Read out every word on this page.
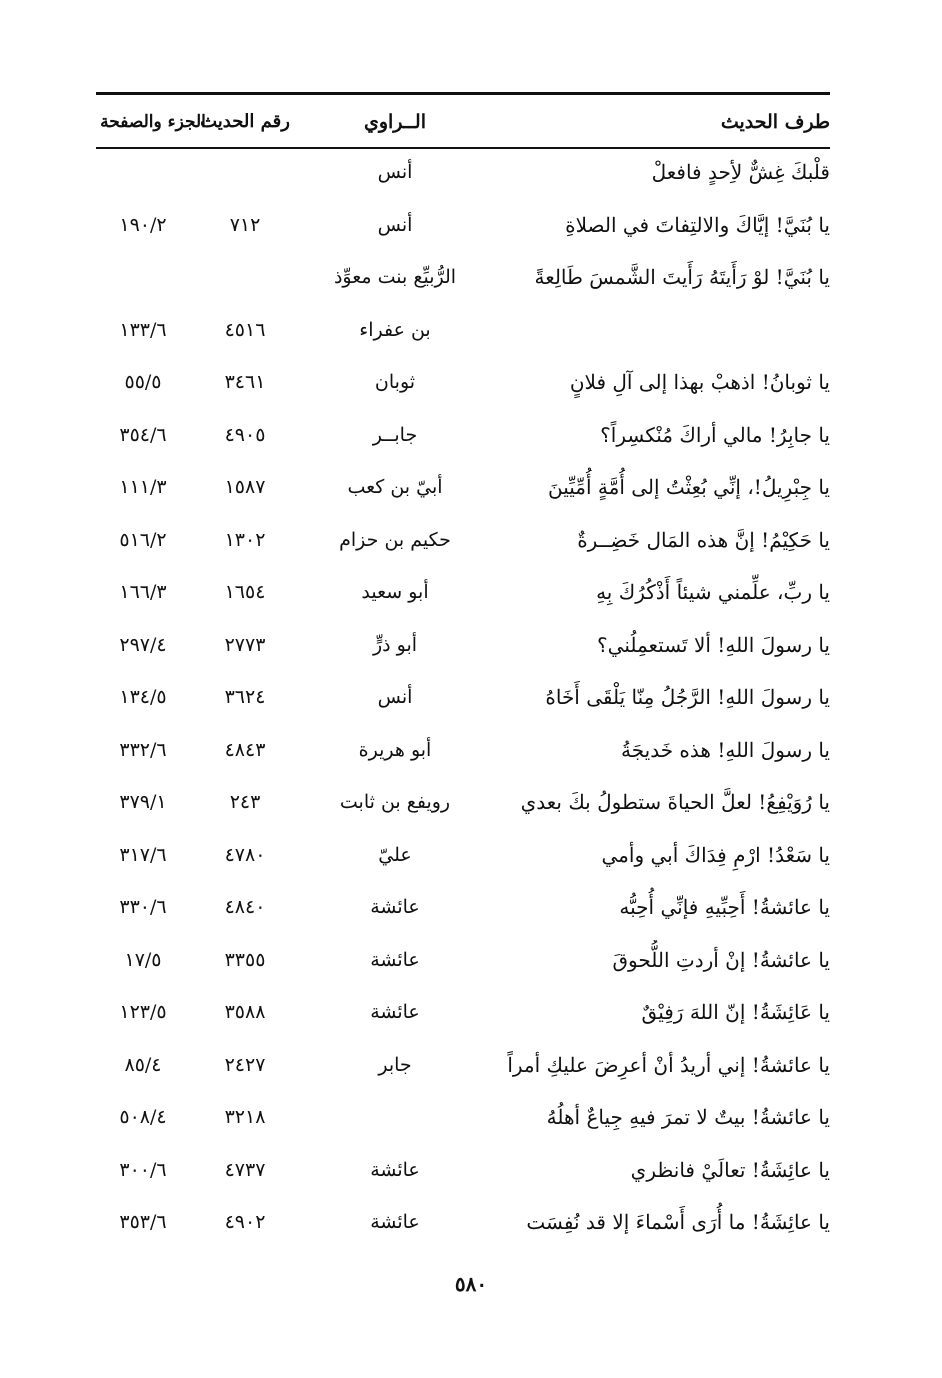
طرف الحديث
الــراوي
رقم الحديث
الجزء والصفحة
قلْبكَ غِشٌّ لأِحدٍ فافعلْ
أنس
يا بُنَيَّ! إيَّاكَ والالتِفاتَ في الصلاةِ
أنس
٧١٢
١٩٠/٢
يا بُنَيَّ! لوْ رَأَيتَهُ رَأَيتَ الشَّمسَ طَالِعةً
الرُّبيِّع بنت معوِّذ
بن عفراء
٤٥١٦
١٣٣/٦
يا ثوبانُ! اذهبْ بهذا إلى آلِ فلانٍ
ثوبان
٣٤٦١
٥٥/٥
يا جابِرُ! مالي أراكَ مُنْكسِراً؟
جابــر
٤٩٠٥
٣٥٤/٦
يا جِبْرِيلُ!، إنِّي بُعِثْتُ إلى أُمَّةٍ أُمِّيِّينَ
أبيّ بن كعب
١٥٨٧
١١١/٣
يا حَكِيْمُ! إنَّ هذه المَال خَضِــرةٌ
حكيم بن حزام
١٣٠٢
٥١٦/٢
يا ربِّ، علِّمني شيئاً أَذْكُرُكَ بِهِ
أبو سعيد
١٦٥٤
١٦٦/٣
يا رسولَ اللهِ! ألا تَستعمِلُني؟
أبو ذرٍّ
٢٧٧٣
٢٩٧/٤
يا رسولَ اللهِ! الرَّجُلُ مِنّا يَلْقَى أَخَاهُ
أنس
٣٦٢٤
١٣٤/٥
يا رسولَ اللهِ! هذه خَديجَةُ
أبو هريرة
٤٨٤٣
٣٣٢/٦
يا رُوَيْفِعُ! لعلَّ الحياةَ ستطولُ بكَ بعدي
رويفع بن ثابت
٢٤٣
٣٧٩/١
يا سَعْدُ! ارْمِ فِدَاكَ أبي وأمي
عليّ
٤٧٨٠
٣١٧/٦
يا عائشةُ! أَحِبِّيهِ فإنِّي أُحِبُّه
عائشة
٤٨٤٠
٣٣٠/٦
يا عائشةُ! إنْ أردتِ اللُّحوقَ
عائشة
٣٣٥٥
١٧/٥
يا عَائِشَةُ! إنّ اللهَ رَفِيْقٌ
عائشة
٣٥٨٨
١٢٣/٥
يا عائشةُ! إني أريدُ أنْ أعرِضَ عليكِ أمراً
جابر
٢٤٢٧
٨٥/٤
يا عائشةُ! بيتٌ لا تمرَ فيهِ جِياعٌ أهلُهُ
٣٢١٨
٥٠٨/٤
يا عائِشَةُ! تعالَيْ فانظري
عائشة
٤٧٣٧
٣٠٠/٦
يا عائِشَةُ! ما أُرَى أَسْماءَ إلا قد نُفِسَت
عائشة
٤٩٠٢
٣٥٣/٦
٥٨٠
